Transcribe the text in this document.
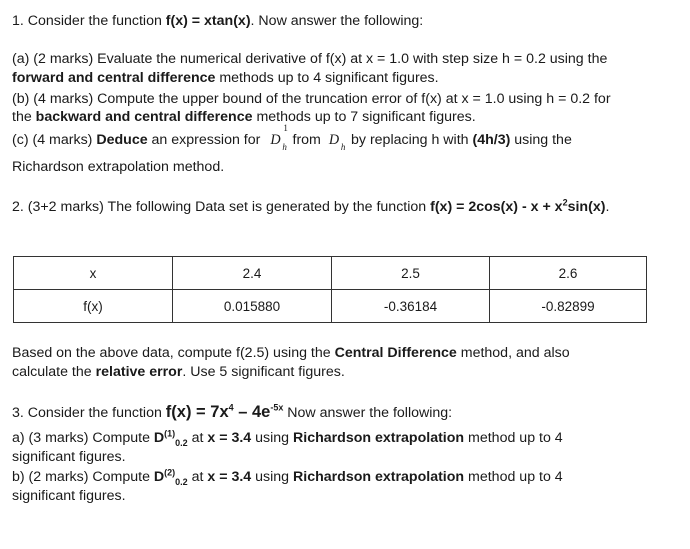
1. Consider the function f(x) = xtan(x). Now answer the following:
(a) (2 marks) Evaluate the numerical derivative of f(x) at x = 1.0 with step size h = 0.2 using the
forward and central difference methods up to 4 significant figures.
(b) (4 marks) Compute the upper bound of the truncation error of f(x) at x = 1.0 using h = 0.2 for
the backward and central difference methods up to 7 significant figures.
(c) (4 marks) Deduce an expression for D
1
h from D h by replacing h with (4h/3) using the
Richardson extrapolation method.
2. (3+2 marks) The following Data set is generated by the function $f(x) = 2\cos(x) - x + x^2\sin(x)$.
x	2.4	2.5	2.6
f(x)	0.015880	-0.36184	-0.82899
Based on the above data, compute f(2.5) using the Central Difference method, and also
calculate the relative error. Use 5 significant figures.
3. Consider the function $f(x) = 7x^4 - 4e^{-5x}$ Now answer the following:
a) (3 marks) Compute $D^{(1)}_{0.2}$ at x = 3.4 using Richardson extrapolation method up to 4
significant figures.
b) (2 marks) Compute $D^{(2)}_{0.2}$ at x = 3.4 using Richardson extrapolation method up to 4
significant figures.
